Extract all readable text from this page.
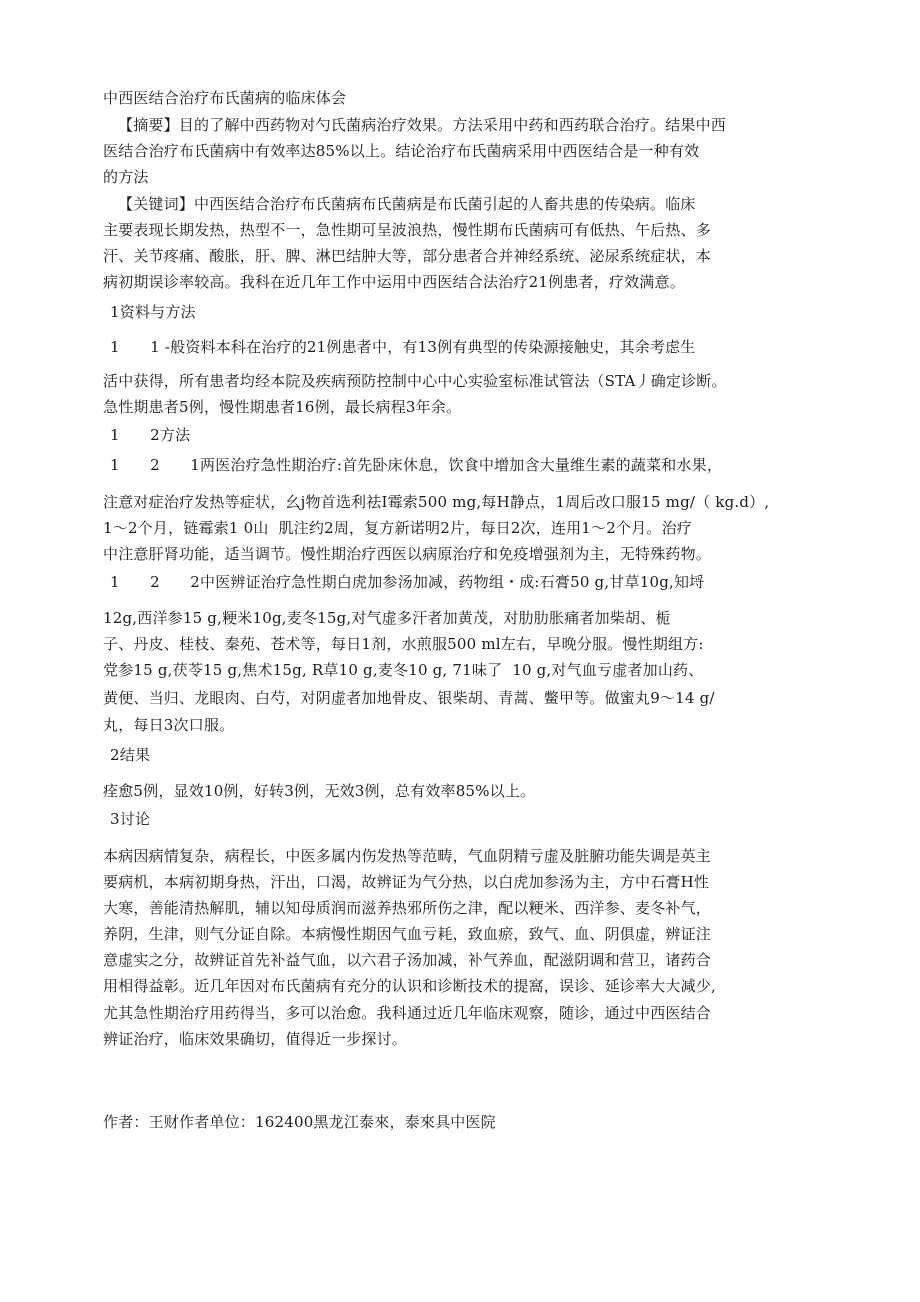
中西医结合治疗布氏菌病的临床体会

【摘要】目的了解中西药物对勺氏菌病治疗效果。方法采用中药和西药联合治疗。结果中西

医结合治疗布氏菌病中有效率达85%以上。结论治疗布氏菌病采用中西医结合是一种有效

的方法

【关键词】中西医结合治疗布氏菌病布氏菌病是布氏菌引起的人畜共患的传染病。临床

主要表现长期发热，热型不一，急性期可呈波浪热，慢性期布氏菌病可有低热、午后热、多

汗、关节疼痛、酸胀，肝、脾、淋巴结肿大等，部分患者合并神经系统、泌尿系统症状，本

病初期误诊率较高。我科在近几年工作中运用中西医结合法治疗21例患者，疗效满意。

1资料与方法

1　　1 -般资料本科在治疗的21例患者中，有13例有典型的传染源接触史，其余考虑生

活中获得，所有患者均经本院及疾病预防控制中心中心实验室标准试管法（STA丿确定诊断。

急性期患者5例，慢性期患者16例，最长病程3年余。

1　　2方法

1　　2　　1两医治疗急性期治疗:首先卧床休息，饮食中增加含大量维生素的蔬菜和水果，

注意对症治疗发热等症状，幺j物首选利祛I霉索500 mg,每H静点，1周后改口服15 mg/（ kg.d）,

1～2个月，链霉索1 0山  肌注约2周，复方新诺明2片，每日2次，连用1～2个月。治疗

中注意肝肾功能，适当调节。慢性期治疗西医以病原治疗和免疫增强剂为主，无特殊药物。

1　　2　　2中医辨证治疗急性期白虎加参汤加减，药物组・成:石膏50 g,甘草10g,知埒

12g,西洋参15 g,粳米10g,麦冬15g,对气虚多汗者加黄茂，对肋肋胀痛者加柴胡、栀

子、丹皮、桂枝、秦苑、苍术等，每日1剂，水煎服500 ml左右，早晚分服。慢性期组方:

党参15 g,茯苓15 g,焦术15g, R草10 g,麦冬10 g, 71味了  10 g,对气血亏虚者加山药、

黄便、当归、龙眼肉、白芍，对阴虚者加地骨皮、银柴胡、青蒿、鳖甲等。做蜜丸9～14 g/

丸，每日3次口服。

2结果

痊愈5例，显效10例，好转3例，无效3例，总有效率85%以上。

3讨论

本病因病情复杂，病程长，中医多属内伤发热等范畴，气血阴精亏虚及脏腑功能失调是英主

要病机，本病初期身热，汗出，口渴，故辨证为气分热，以白虎加参汤为主，方中石膏H性

大寒，善能清热解肌，辅以知母质润而滋养热邪所伤之津，配以粳米、西洋参、麦冬补气，

养阴，生津，则气分证自除。本病慢性期因气血亏耗，致血瘀，致气、血、阴俱虚，辨证注

意虚实之分，故辨证首先补益气血，以六君子汤加减，补气养血，配滋阴调和营卫，诸药合

用相得益彰。近几年因对布氏菌病有充分的认识和诊断技术的提窩，误诊、延诊率大大减少,

尤其急性期治疗用药得当，多可以治愈。我科通过近几年临床观察，随诊，通过中西医结合

辨证治疗，临床效果确切，值得近一步探讨。

作者：王财作者单位：162400黑龙江泰來，泰來具中医院
